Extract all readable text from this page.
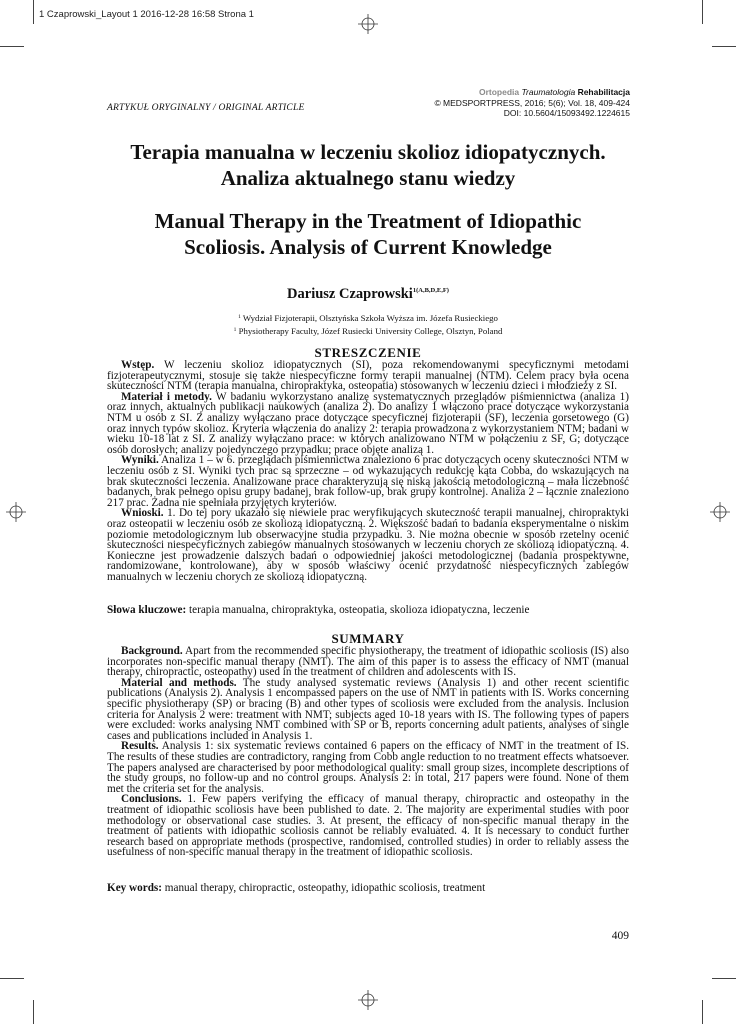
1 Czaprowski_Layout 1 2016-12-28 16:58 Strona 1
ARTYKUŁ ORYGINALNY / ORIGINAL ARTICLE
Ortopedia Traumatologia Rehabilitacja
© MEDSPORTPRESS, 2016; 5(6); Vol. 18, 409-424
DOI: 10.5604/15093492.1224615
Terapia manualna w leczeniu skolioz idiopatycznych.
Analiza aktualnego stanu wiedzy
Manual Therapy in the Treatment of Idiopathic
Scoliosis. Analysis of Current Knowledge
Dariusz Czaprowski$^{1(A,B,D,E,F)}$
$^1$ Wydział Fizjoterapii, Olsztyńska Szkoła Wyższa im. Józefa Rusieckiego
$^1$ Physiotherapy Faculty, Józef Rusiecki University College, Olsztyn, Poland
STRESZCZENIE

Wstęp. W leczeniu skolioz idiopatycznych (SI), poza rekomendowanymi specyficznymi metodami fizjoterapeutycznymi, stosuje się także niespecyficzne formy terapii manualnej (NTM). Celem pracy była ocena skuteczności NTM (terapia manualna, chiropraktyka, osteopatia) stosowanych w leczeniu dzieci i młodzieży z SI.

Materiał i metody. W badaniu wykorzystano analizę systematycznych przeglądów piśmiennictwa (analiza 1) oraz innych, aktualnych publikacji naukowych (analiza 2). Do analizy 1 włączono prace dotyczące wykorzystania NTM u osób z SI. Z analizy wyłączano prace dotyczące specyficznej fizjoterapii (SF), leczenia gorsetowego (G) oraz innych typów skolioz. Kryteria włączenia do analizy 2: terapia prowadzona z wykorzystaniem NTM; badani w wieku 10-18 lat z SI. Z analizy wyłączano prace: w których analizowano NTM w połączeniu z SF, G; dotyczące osób dorosłych; analizy pojedynczego przypadku; prace objęte analizą 1.

Wyniki. Analiza 1 – w 6. przeglądach piśmiennictwa znaleziono 6 prac dotyczących oceny skuteczności NTM w leczeniu osób z SI. Wyniki tych prac są sprzeczne – od wykazujących redukcję kąta Cobba, do wskazujących na brak skuteczności leczenia. Analizowane prace charakteryzują się niską jakością metodologiczną – mała liczebność badanych, brak pełnego opisu grupy badanej, brak follow-up, brak grupy kontrolnej. Analiza 2 – łącznie znaleziono 217 prac. Żadna nie spełniała przyjętych kryteriów.

Wnioski. 1. Do tej pory ukazało się niewiele prac weryfikujących skuteczność terapii manualnej, chiropraktyki oraz osteopatii w leczeniu osób ze skoliozą idiopatyczną. 2. Większość badań to badania eksperymentalne o niskim poziomie metodologicznym lub obserwacyjne studia przypadku. 3. Nie można obecnie w sposób rzetelny ocenić skuteczności niespecyficznych zabiegów manualnych stosowanych w leczeniu chorych ze skoliozą idiopatyczną. 4. Konieczne jest prowadzenie dalszych badań o odpowiedniej jakości metodologicznej (badania prospektywne, randomizowane, kontrolowane), aby w sposób właściwy ocenić przydatność niespecyficznych zabiegów manualnych w leczeniu chorych ze skoliozą idiopatyczną.

Słowa kluczowe: terapia manualna, chiropraktyka, osteopatia, skolioza idiopatyczna, leczenie
SUMMARY

Background. Apart from the recommended specific physiotherapy, the treatment of idiopathic scoliosis (IS) also incorporates non-specific manual therapy (NMT). The aim of this paper is to assess the efficacy of NMT (manual therapy, chiropractic, osteopathy) used in the treatment of children and adolescents with IS.

Material and methods. The study analysed systematic reviews (Analysis 1) and other recent scientific publications (Analysis 2). Analysis 1 encompassed papers on the use of NMT in patients with IS. Works concerning specific physiotherapy (SP) or bracing (B) and other types of scoliosis were excluded from the analysis. Inclusion criteria for Analysis 2 were: treatment with NMT; subjects aged 10-18 years with IS. The following types of papers were excluded: works analysing NMT combined with SP or B, reports concerning adult patients, analyses of single cases and publications included in Analysis 1.

Results. Analysis 1: six systematic reviews contained 6 papers on the efficacy of NMT in the treatment of IS. The results of these studies are contradictory, ranging from Cobb angle reduction to no treatment effects whatsoever. The papers analysed are characterised by poor methodological quality: small group sizes, incomplete descriptions of the study groups, no follow-up and no control groups. Analysis 2: in total, 217 papers were found. None of them met the criteria set for the analysis.

Conclusions. 1. Few papers verifying the efficacy of manual therapy, chiropractic and osteopathy in the treatment of idiopathic scoliosis have been published to date. 2. The majority are experimental studies with poor methodology or observational case studies. 3. At present, the efficacy of non-specific manual therapy in the treatment of patients with idiopathic scoliosis cannot be reliably evaluated. 4. It is necessary to conduct further research based on appropriate methods (prospective, randomised, controlled studies) in order to reliably assess the usefulness of non-specific manual therapy in the treatment of idiopathic scoliosis.

Key words: manual therapy, chiropractic, osteopathy, idiopathic scoliosis, treatment
409
